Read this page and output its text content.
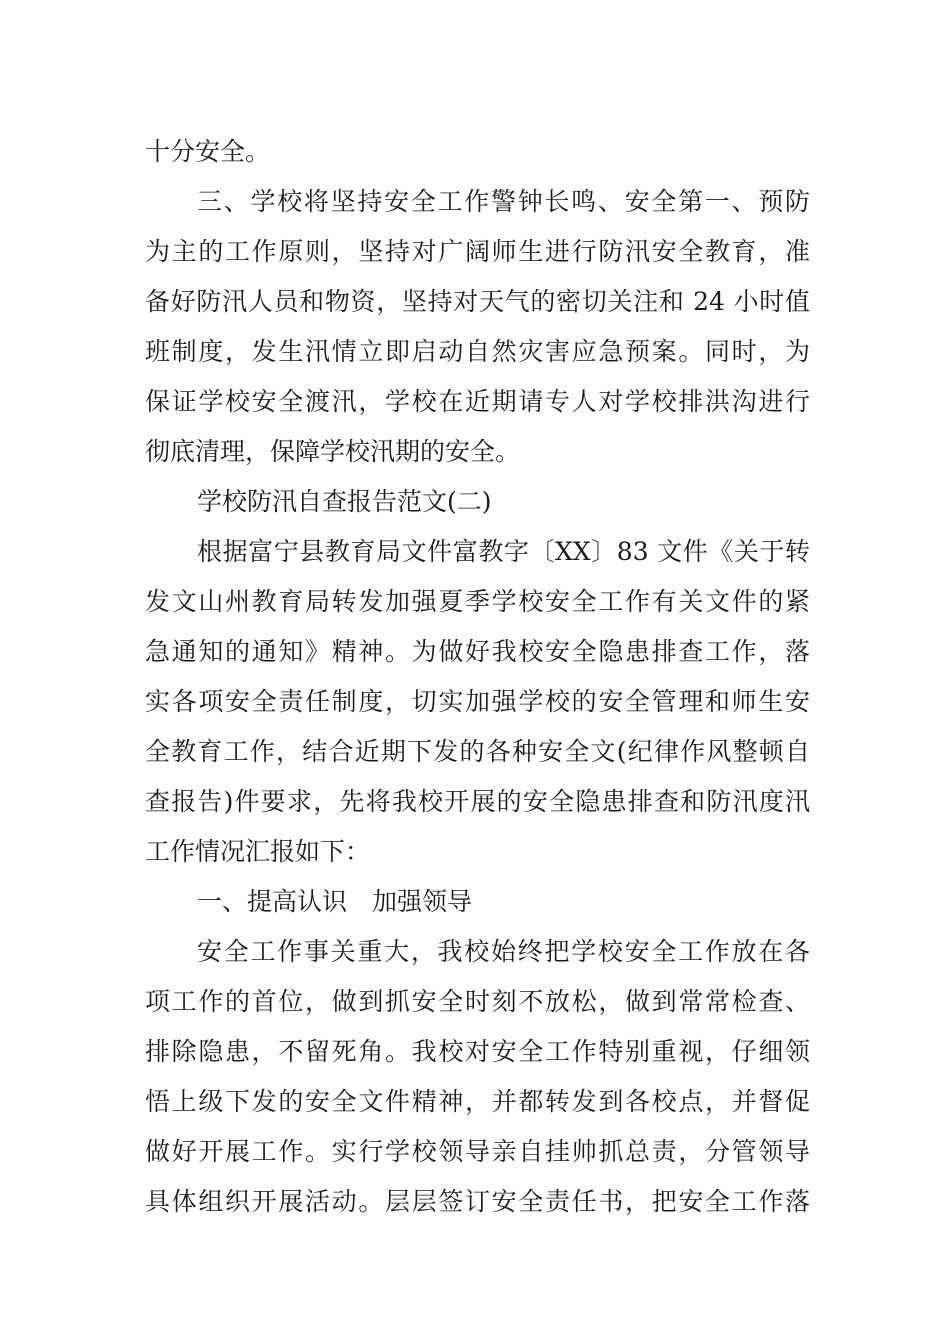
十分安全。
三、学校将坚持安全工作警钟长鸣、安全第一、预防
为主的工作原则，坚持对广阔师生进行防汛安全教育，准
备好防汛人员和物资，坚持对天气的密切关注和 24 小时值
班制度，发生汛情立即启动自然灾害应急预案。同时，为
保证学校安全渡汛，学校在近期请专人对学校排洪沟进行
彻底清理，保障学校汛期的安全。
学校防汛自查报告范文(二)
根据富宁县教育局文件富教字〔XX〕83 文件《关于转
发文山州教育局转发加强夏季学校安全工作有关文件的紧
急通知的通知》精神。为做好我校安全隐患排查工作，落
实各项安全责任制度，切实加强学校的安全管理和师生安
全教育工作，结合近期下发的各种安全文(纪律作风整顿自
查报告)件要求，先将我校开展的安全隐患排查和防汛度汛
工作情况汇报如下：
一、提高认识　加强领导
安全工作事关重大，我校始终把学校安全工作放在各
项工作的首位，做到抓安全时刻不放松，做到常常检查、
排除隐患，不留死角。我校对安全工作特别重视，仔细领
悟上级下发的安全文件精神，并都转发到各校点，并督促
做好开展工作。实行学校领导亲自挂帅抓总责，分管领导
具体组织开展活动。层层签订安全责任书，把安全工作落
